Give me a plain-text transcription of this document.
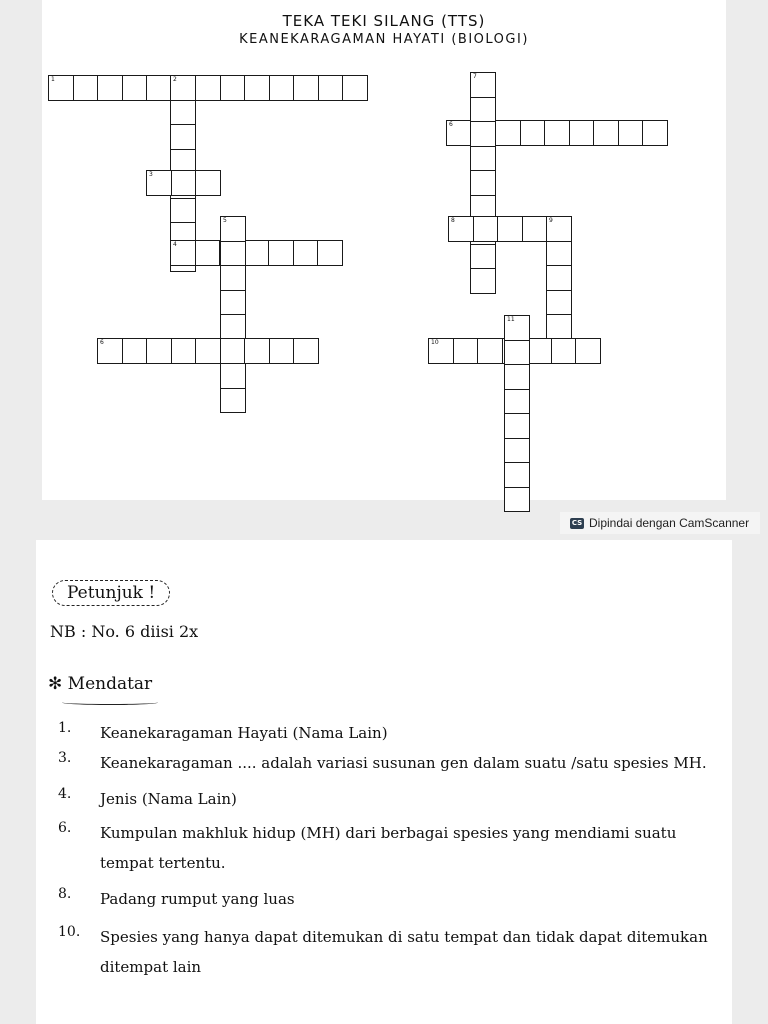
TEKA TEKI SILANG (TTS)
KEANEKARAGAMAN HAYATI (BIOLOGI)
1	2
3
4
5
6
6
7
8	9
10
11
CS Dipindai dengan CamScanner
Petunjuk !
NB : No. 6 diisi 2x
✻ Mendatar
1.	Keanekaragaman Hayati (Nama Lain)
3.	Keanekaragaman .... adalah variasi susunan gen dalam suatu /satu spesies MH.
4.	Jenis (Nama Lain)
6.	Kumpulan makhluk hidup (MH) dari berbagai spesies yang mendiami suatu tempat tertentu.
8.	Padang rumput yang luas
10.	Spesies yang hanya dapat ditemukan di satu tempat dan tidak dapat ditemukan ditempat lain
